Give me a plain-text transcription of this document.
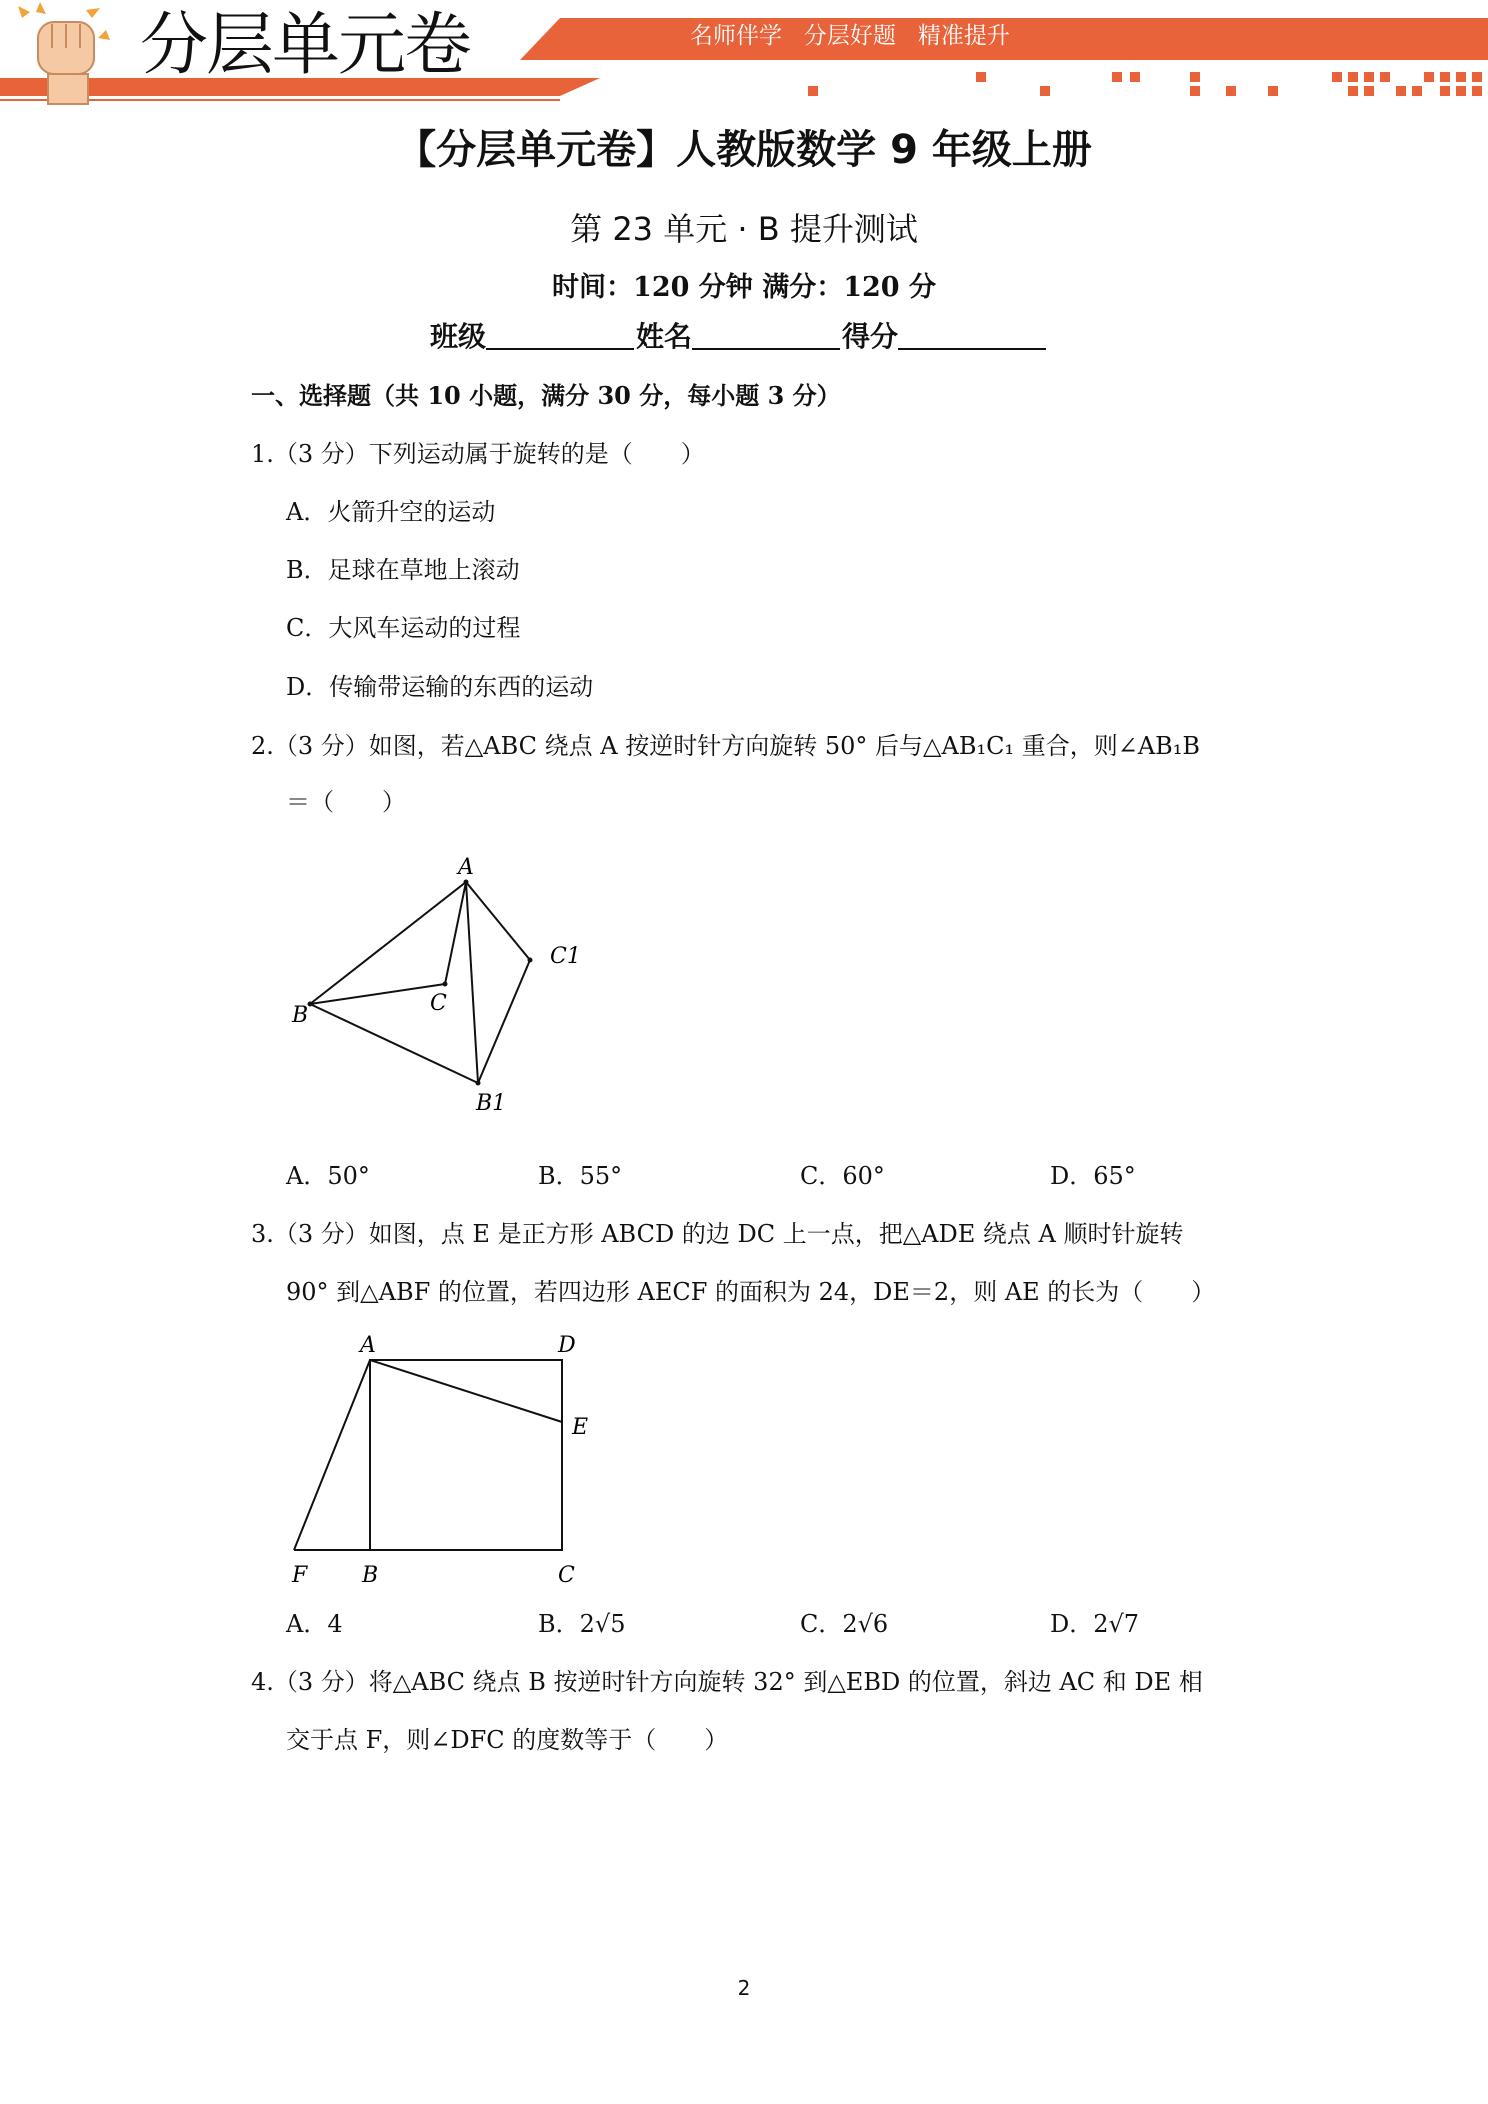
分层单元卷	名师伴学   分层好题   精准提升
【分层单元卷】人教版数学 9 年级上册
第 23 单元 · B 提升测试
时间：120 分钟 满分：120 分
班级	姓名	得分
一、选择题（共 10 小题，满分 30 分，每小题 3 分）
1.（3 分）下列运动属于旋转的是（　　）
A．火箭升空的运动
B．足球在草地上滚动
C．大风车运动的过程
D．传输带运输的东西的运动
2.（3 分）如图，若△ABC 绕点 A 按逆时针方向旋转 50° 后与△AB₁C₁ 重合，则∠AB₁B
＝（　　）
A
B	C
C1
B1
A．50°	B．55°	C．60°	D．65°
3.（3 分）如图，点 E 是正方形 ABCD 的边 DC 上一点，把△ADE 绕点 A 顺时针旋转
90° 到△ABF 的位置，若四边形 AECF 的面积为 24，DE＝2，则 AE 的长为（　　）
A	D
E
F B	C
A．4	B．2√5	C．2√6	D．2√7
4.（3 分）将△ABC 绕点 B 按逆时针方向旋转 32° 到△EBD 的位置，斜边 AC 和 DE 相
交于点 F，则∠DFC 的度数等于（　　）
2
